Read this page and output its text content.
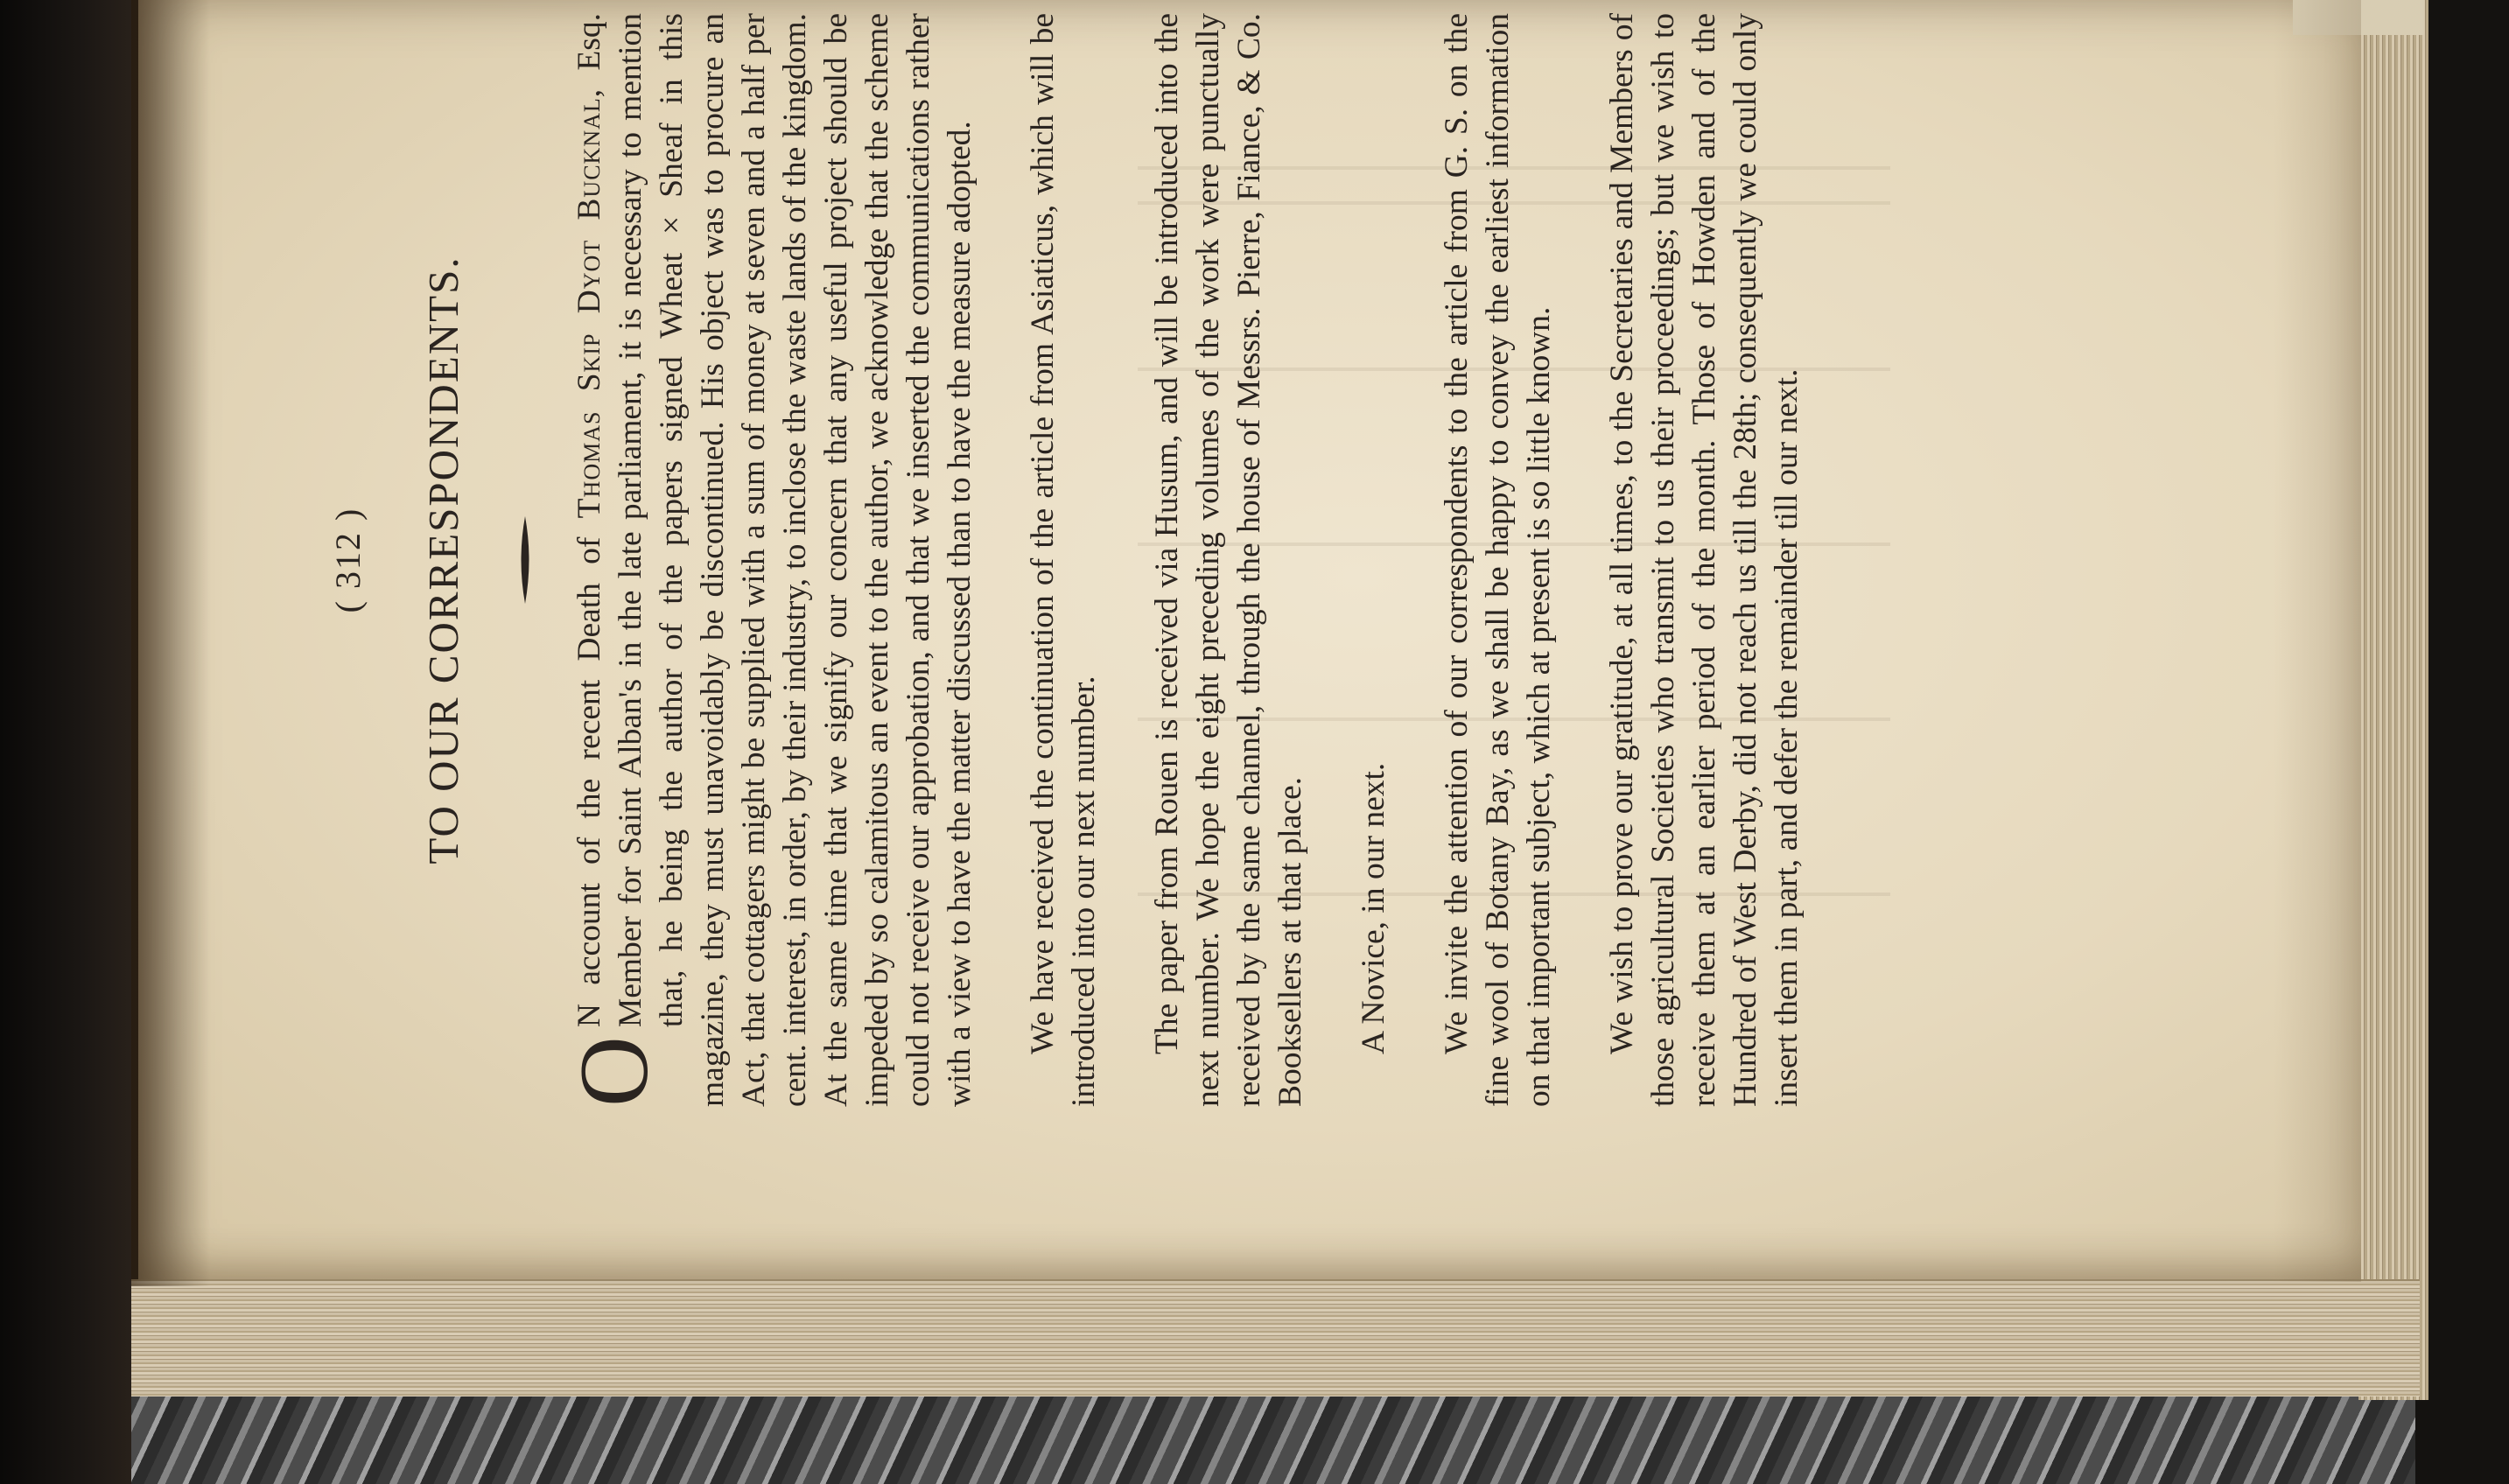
( 312 ) TO OUR CORRESPONDENTS.

O
N account of the recent Death of Thomas Skip Dyot Bucknal, Esq. Member for Saint Alban's in the late parliament, it is necessary to mention that, he being the author of the papers signed Wheat × Sheaf in this magazine, they must unavoidably be discontinued. His object was to procure an Act, that cottagers might be supplied with a sum of money at seven and a half per cent. interest, in order, by their industry, to inclose the waste lands of the kingdom. At the same time that we signify our concern that any useful project should be impeded by so calamitous an event to the author, we acknowledge that the scheme could not receive our approbation, and that we inserted the communications rather with a view to have the matter discussed than to have the measure adopted. We have received the continuation of the article from Asiaticus, which will be introduced into our next number. The paper from Rouen is received via Husum, and will be introduced into the next number. We hope the eight preceding volumes of the work were punctually received by the same channel, through the house of Messrs. Pierre, Fiance, & Co. Booksellers at that place. A Novice, in our next. We invite the attention of our correspondents to the article from G. S. on the fine wool of Botany Bay, as we shall be happy to convey the earliest information on that important subject, which at present is so little known. We wish to prove our gratitude, at all times, to the Secretaries and Members of those agricultural Societies who transmit to us their proceedings; but we wish to receive them at an earlier period of the month. Those of Howden and of the Hundred of West Derby, did not reach us till the 28th; consequently we could only insert them in part, and defer the remainder till our next.
